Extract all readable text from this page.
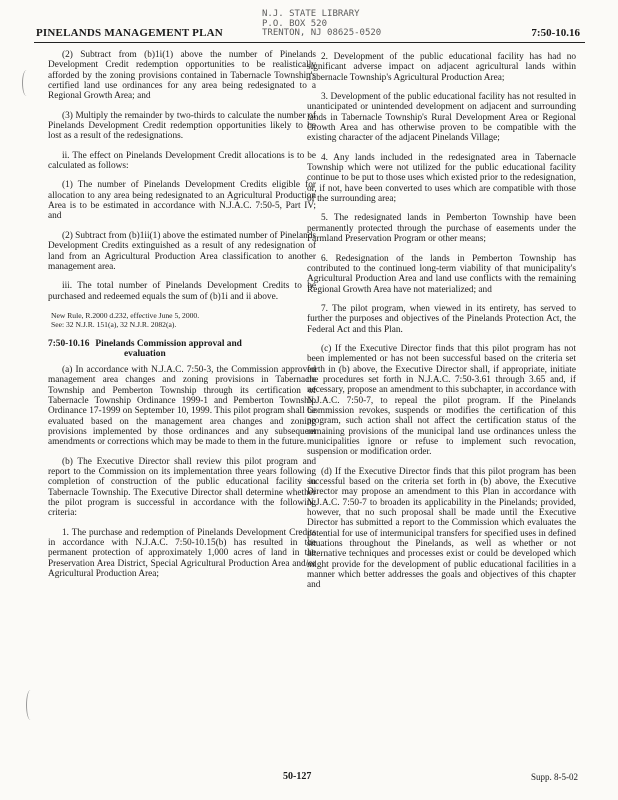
PINELANDS MANAGEMENT PLAN
N.J. STATE LIBRARY
P.O. BOX 520
TRENTON, NJ 08625-0520	7:50-10.16

(2) Subtract from (b)1i(1) above the number of Pinelands Development Credit redemption opportunities to be realistically afforded by the zoning provisions contained in Tabernacle Township's certified land use ordinances for any area being redesignated to a Regional Growth Area; and

(3) Multiply the remainder by two-thirds to calculate the number of Pinelands Development Credit redemption opportunities likely to be lost as a result of the redesignations.

ii. The effect on Pinelands Development Credit allocations is to be calculated as follows:

(1) The number of Pinelands Development Credits eligible for allocation to any area being redesignated to an Agricultural Production Area is to be estimated in accordance with N.J.A.C. 7:50-5, Part IV; and

(2) Subtract from (b)1ii(1) above the estimated number of Pinelands Development Credits extinguished as a result of any redesignation of land from an Agricultural Production Area classification to another management area.

iii. The total number of Pinelands Development Credits to be purchased and redeemed equals the sum of (b)1i and ii above.

New Rule, R.2000 d.232, effective June 5, 2000.
See: 32 N.J.R. 151(a), 32 N.J.R. 2082(a).

7:50-10.16 Pinelands Commission approval and
evaluation

(a) In accordance with N.J.A.C. 7:50-3, the Commission approved management area changes and zoning provisions in Tabernacle Township and Pemberton Township through its certification of Tabernacle Township Ordinance 1999-1 and Pemberton Township Ordinance 17-1999 on September 10, 1999. This pilot program shall be evaluated based on the management area changes and zoning provisions implemented by those ordinances and any subsequent amendments or corrections which may be made to them in the future.

(b) The Executive Director shall review this pilot program and report to the Commission on its implementation three years following completion of construction of the public educational facility in Tabernacle Township. The Executive Director shall determine whether the pilot program is successful in accordance with the following criteria:

1. The purchase and redemption of Pinelands Development Credits in accordance with N.J.A.C. 7:50-10.15(b) has resulted in the permanent protection of approximately 1,000 acres of land in the Preservation Area District, Special Agricultural Production Area and/or Agricultural Production Area;

2. Development of the public educational facility has had no significant adverse impact on adjacent agricultural lands within Tabernacle Township's Agricultural Production Area;

3. Development of the public educational facility has not resulted in unanticipated or unintended development on adjacent and surrounding lands in Tabernacle Township's Rural Development Area or Regional Growth Area and has otherwise proven to be compatible with the existing character of the adjacent Pinelands Village;

4. Any lands included in the redesignated area in Tabernacle Township which were not utilized for the public educational facility continue to be put to those uses which existed prior to the redesignation, or, if not, have been converted to uses which are compatible with those of the surrounding area;

5. The redesignated lands in Pemberton Township have been permanently protected through the purchase of easements under the Farmland Preservation Program or other means;

6. Redesignation of the lands in Pemberton Township has contributed to the continued long-term viability of that municipality's Agricultural Production Area and land use conflicts with the remaining Regional Growth Area have not materialized; and

7. The pilot program, when viewed in its entirety, has served to further the purposes and objectives of the Pinelands Protection Act, the Federal Act and this Plan.

(c) If the Executive Director finds that this pilot program has not been implemented or has not been successful based on the criteria set forth in (b) above, the Executive Director shall, if appropriate, initiate the procedures set forth in N.J.A.C. 7:50-3.61 through 3.65 and, if necessary, propose an amendment to this subchapter, in accordance with N.J.A.C. 7:50-7, to repeal the pilot program. If the Pinelands Commission revokes, suspends or modifies the certification of this program, such action shall not affect the certification status of the remaining provisions of the municipal land use ordinances unless the municipalities ignore or refuse to implement such revocation, suspension or modification order.

(d) If the Executive Director finds that this pilot program has been successful based on the criteria set forth in (b) above, the Executive Director may propose an amendment to this Plan in accordance with N.J.A.C. 7:50-7 to broaden its applicability in the Pinelands; provided, however, that no such proposal shall be made until the Executive Director has submitted a report to the Commission which evaluates the potential for use of intermunicipal transfers for specified uses in defined situations throughout the Pinelands, as well as whether or not alternative techniques and processes exist or could be developed which might provide for the development of public educational facilities in a manner which better addresses the goals and objectives of this chapter and

50-127	Supp. 8-5-02
